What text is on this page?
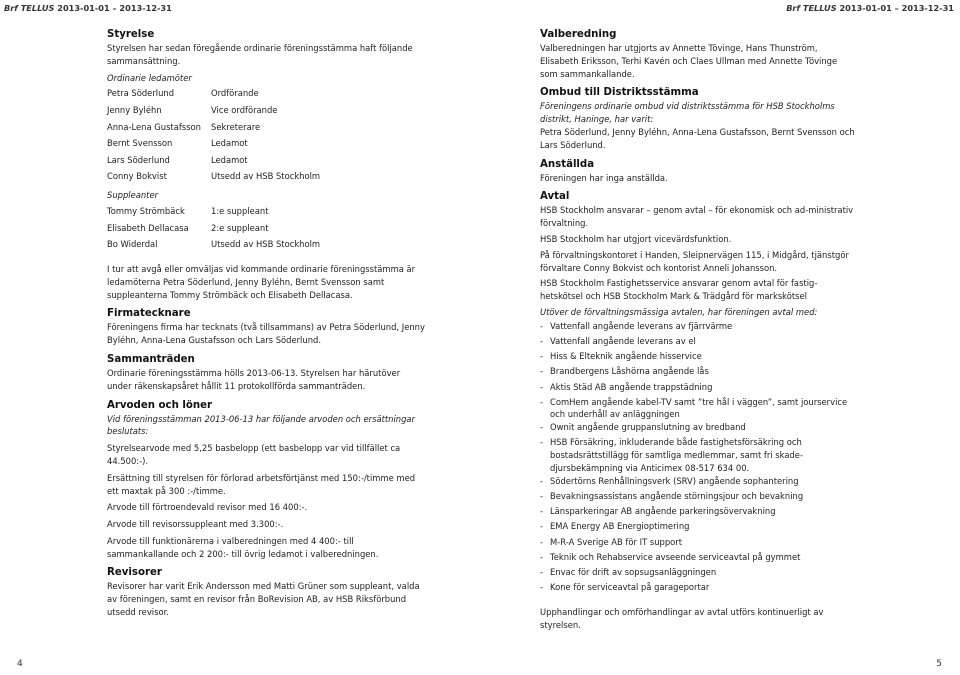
Brf TELLUS 2013-01-01 – 2013-12-31	Brf TELLUS 2013-01-01 – 2013-12-31
Styrelse

Styrelsen har sedan föregående ordinarie föreningsstämma haft följande sammansättning.

Ordinarie ledamöter
Petra Söderlund	Ordförande
Jenny Byléhn	Vice ordförande
Anna-Lena Gustafsson	Sekreterare
Bernt Svensson	Ledamot
Lars Söderlund	Ledamot
Conny Bokvist	Utsedd av HSB Stockholm
Suppleanter
Tommy Strömbäck	1:e suppleant
Elisabeth Dellacasa	2:e suppleant
Bo Widerdal	Utsedd av HSB Stockholm

I tur att avgå eller omväljas vid kommande ordinarie föreningsstämma är ledamöterna Petra Söderlund, Jenny Byléhn, Bernt Svensson samt suppleanterna Tommy Strömbäck och Elisabeth Dellacasa.

Firmatecknare

Föreningens firma har tecknats (två tillsammans) av Petra Söderlund, Jenny Byléhn, Anna-Lena Gustafsson och Lars Söderlund.

Sammanträden

Ordinarie föreningsstämma hölls 2013-06-13. Styrelsen har härutöver under räkenskapsåret hållit 11 protokollförda sammanträden.

Arvoden och löner

Vid föreningsstämman 2013-06-13 har följande arvoden och ersättningar beslutats:

Styrelsearvode med 5,25 basbelopp (ett basbelopp var vid tillfället ca 44.500:-).

Ersättning till styrelsen för förlorad arbetsförtjänst med 150:-/timme med ett maxtak på 300 :-/timme.

Arvode till förtroendevald revisor med 16 400:-.

Arvode till revisorssuppleant med 3.300:-.

Arvode till funktionärerna i valberedningen med 4 400:- till sammankallande och 2 200:- till övrig ledamot i valberedningen.

Revisorer

Revisorer har varit Erik Andersson med Matti Grüner som suppleant, valda av föreningen, samt en revisor från BoRevision AB, av HSB Riksförbund utsedd revisor.

Valberedning

Valberedningen har utgjorts av Annette Tövinge, Hans Thunström, Elisabeth Eriksson, Terhi Kavén och Claes Ullman med Annette Tövinge som sammankallande.

Ombud till Distriktsstämma

Föreningens ordinarie ombud vid distriktsstämma för HSB Stockholms distrikt, Haninge, har varit:

Petra Söderlund, Jenny Byléhn, Anna-Lena Gustafsson, Bernt Svensson och Lars Söderlund.

Anställda

Föreningen har inga anställda.

Avtal

HSB Stockholm ansvarar – genom avtal – för ekonomisk och ad-ministrativ förvaltning.

HSB Stockholm har utgjort vicevärdsfunktion.

På förvaltningskontoret i Handen, Sleipnervägen 115, i Midgård, tjänstgör förvaltare Conny Bokvist och kontorist Anneli Johansson.

HSB Stockholm Fastighetsservice ansvarar genom avtal för fastig-hetskötsel och HSB Stockholm Mark & Trädgård för markskötsel

Utöver de förvaltningsmässiga avtalen, har föreningen avtal med:

- Vattenfall angående leverans av fjärrvärme
- Vattenfall angående leverans av el
- Hiss & Elteknik angående hisservice
- Brandbergens Låshörna angående lås
- Aktis Städ AB angående trappstädning
- ComHem angående kabel-TV samt ”tre hål i väggen”, samt jourservice och underhåll av anläggningen
- Ownit angående gruppanslutning av bredband
- HSB Försäkring, inkluderande både fastighetsförsäkring och bostadsrättstillägg för samtliga medlemmar, samt fri skade-djursbekämpning via Anticimex 08-517 634 00.
- Södertörns Renhållningsverk (SRV) angående sophantering
- Bevakningsassistans angående störningsjour och bevakning
- Länsparkeringar AB angående parkeringsövervakning
- EMA Energy AB Energioptimering
- M-R-A Sverige AB för IT support
- Teknik och Rehabservice avseende serviceavtal på gymmet
- Envac för drift av sopsugsanläggningen
- Kone för serviceavtal på garageportar

Upphandlingar och omförhandlingar av avtal utförs kontinuerligt av styrelsen.

4	5
